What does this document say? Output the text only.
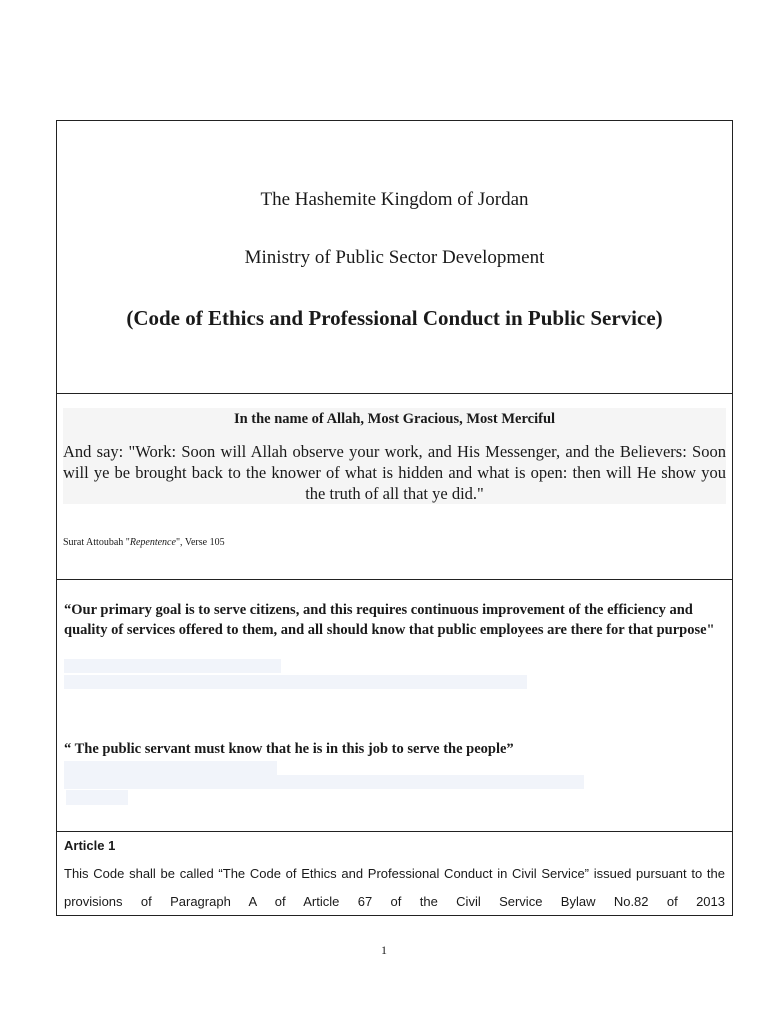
The Hashemite Kingdom of Jordan
Ministry of Public Sector Development
(Code of Ethics and Professional Conduct in Public Service)
In the name of Allah, Most Gracious, Most Merciful
And say: "Work: Soon will Allah observe your work, and His Messenger, and the Believers: Soon will ye be brought back to the knower of what is hidden and what is open: then will He show you the truth of all that ye did."
Surat Attoubah "Repentence", Verse 105
“Our primary goal is to serve citizens, and this requires continuous improvement of the efficiency and quality of services offered to them, and all should know that public employees are there for that purpose"
“ The public servant must know that he is in this job to serve the people”
Article 1
This Code shall be called “The Code of Ethics and Professional Conduct in Civil Service” issued pursuant to the provisions of Paragraph A of Article 67 of the Civil Service Bylaw No.82 of 2013
1
